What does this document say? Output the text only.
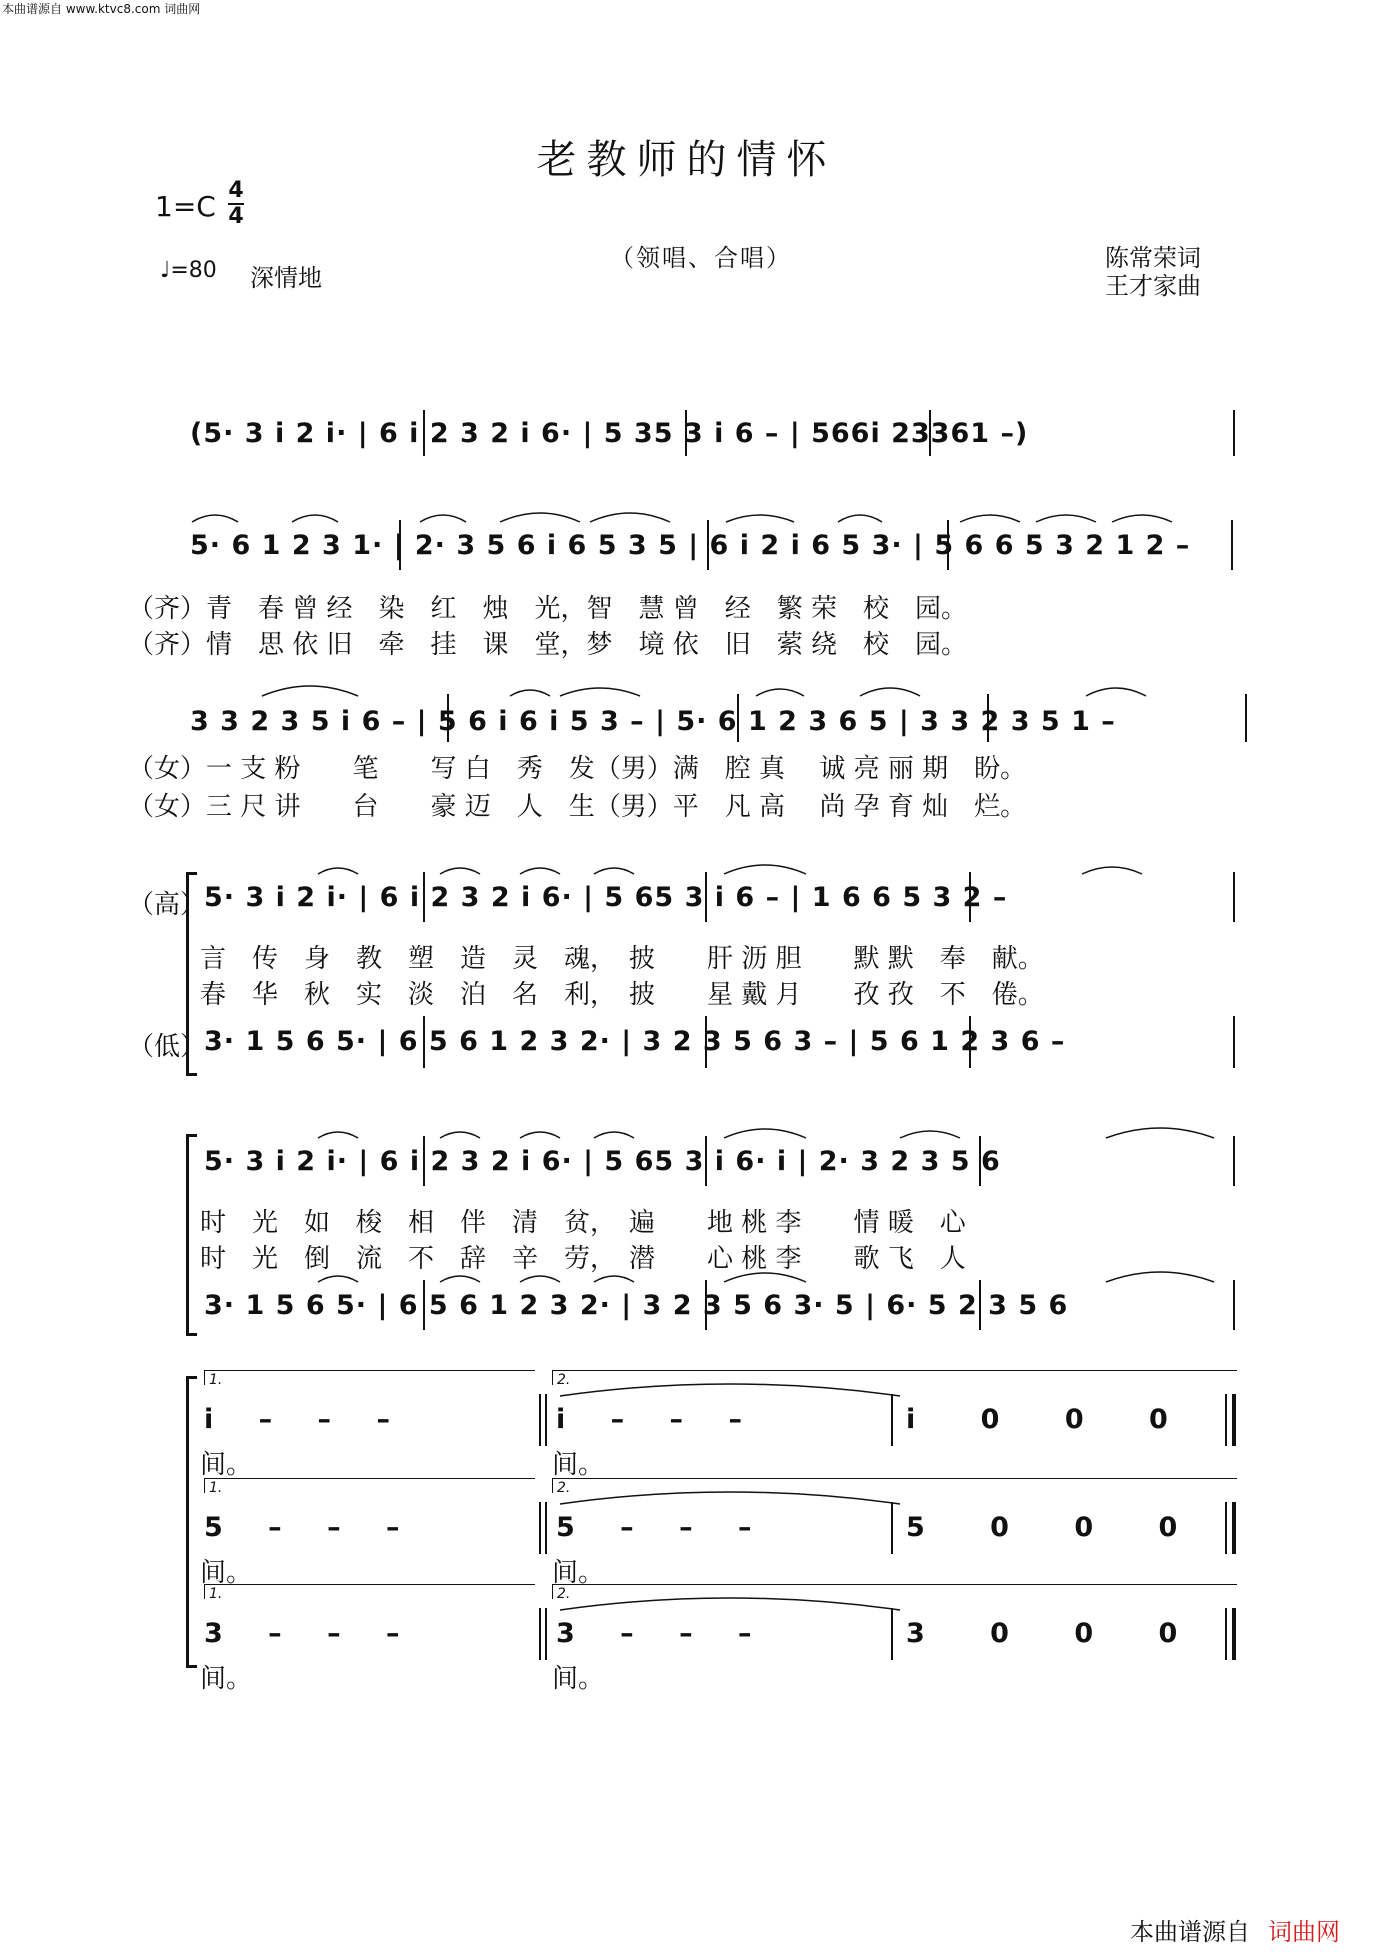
本曲谱源自 www.ktvc8.com 词曲网
老教师的情怀
1=C 4
4
♩=80 深情地
（领唱、合唱）	陈常荣词
王才家曲
(5· 3 i 2 i· | 6 i 2 3 2 i 6· | 5 35 3 i 6 – | 566i 23361 –)
5· 6 1 2 3 1· | 2· 3 5 6 i 6 5 3 5 | 6 i 2 i 6 5 3· | 5 6 6 5 3 2 1 2 –
（齐）青　春 曾 经　染　红　烛　光，智　慧 曾　经　繁 荣　校　园。
（齐）情　思 依 旧　牵　挂　课　堂，梦　境 依　旧　萦 绕　校　园。
3 3 2 3 5 i 6 – | 5 6 i 6 i 5 3 – | 5· 6 1 2 3 6 5 | 3 3 2 3 5 1 –
（女）一 支 粉　　笔　　写 白　秀　发（男）满　腔 真　 诚 亮 丽 期　盼。
（女）三 尺 讲　　台　　豪 迈　人　生（男）平　凡 高　 尚 孕 育 灿　烂。
（高）
5· 3 i 2 i· | 6 i 2 3 2 i 6· | 5 65 3 i 6 – | 1 6 6 5 3 2 –
言　传　身　教　塑　造　灵　魂，　披　　肝 沥 胆　　默 默　奉　献。
春　华　秋　实　淡　泊　名　利，　披　　星 戴 月　　孜 孜　不　倦。
（低）
3· 1 5 6 5· | 6 5 6 1 2 3 2· | 3 2 3 5 6 3 – | 5 6 1 2 3 6 –
5· 3 i 2 i· | 6 i 2 3 2 i 6· | 5 65 3 i 6· i | 2· 3 2 3 5 6
时　光　如　梭　相　伴　清　贫，　遍　　地 桃 李　　情 暖　心
时　光　倒　流　不　辞　辛　劳，　潜　　心 桃 李　　歌 飞　人
3· 1 5 6 5· | 6 5 6 1 2 3 2· | 3 2 3 5 6 3· 5 | 6· 5 2 3 5 6
1.	2.
i – – –	i – – –	i 0 0 0
间。	间。
1.	2.
5 – – –	5 – – –	5 0 0 0
间。	间。
1.	2.
3 – – –	3 – – –	3 0 0 0
间。	间。
本曲谱源自 词曲网
